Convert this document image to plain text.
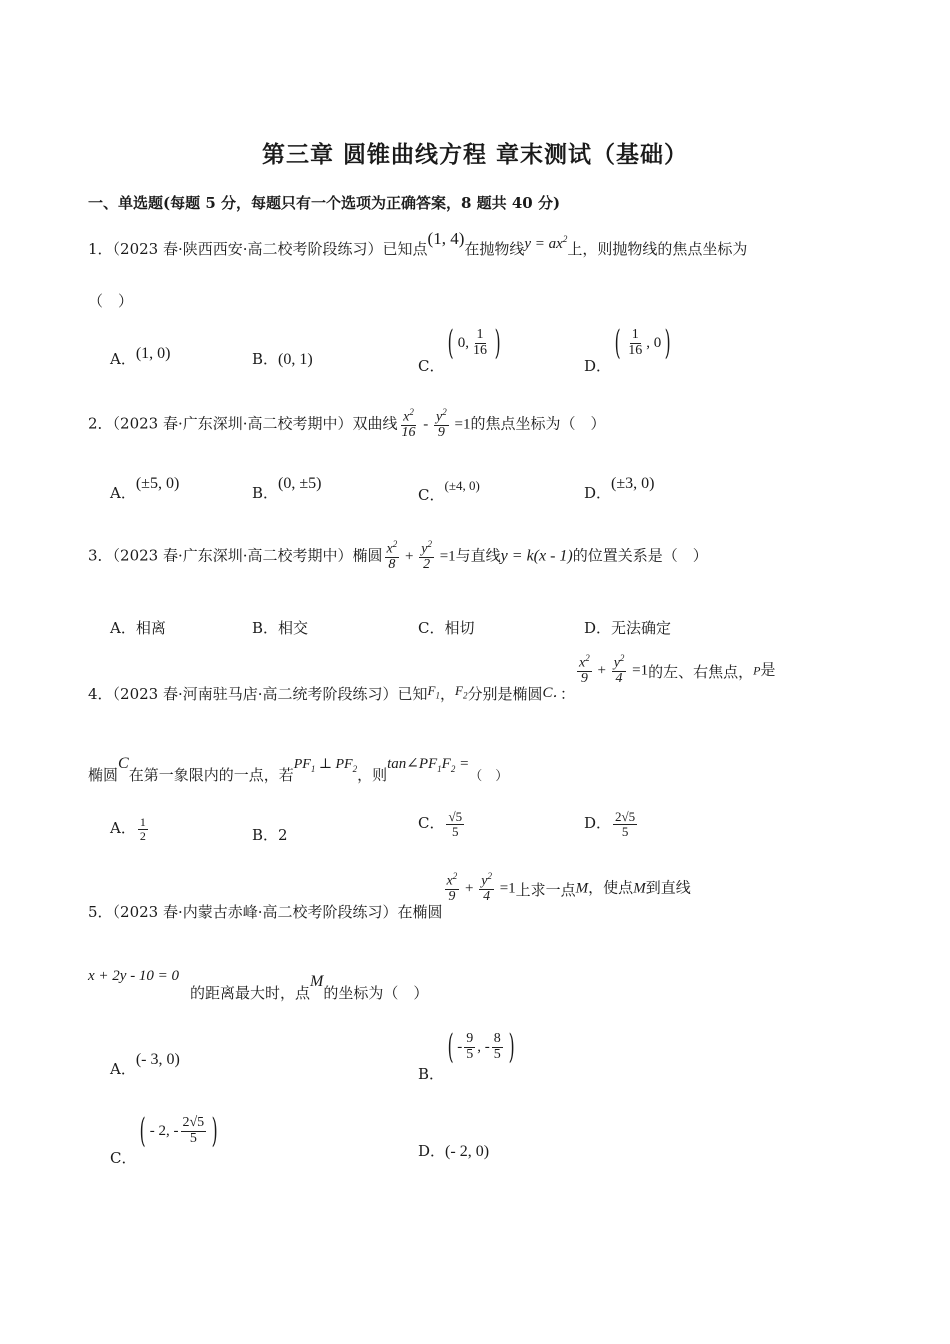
第三章 圆锥曲线方程 章末测试（基础）
一、单选题(每题 5 分，每题只有一个选项为正确答案，8 题共 40 分)
1．（2023 春·陕西西安·高二校考阶段练习）已知点(1, 4)在抛物线$y = ax^2$上，则抛物线的焦点坐标为
（　）
A．(1, 0)	B．(0, 1)	C．
( 0, $\frac{1}{16}$ )
D．
( $\frac{1}{16}$ , 0 )
2．（2023 春·广东深圳·高二校考期中）双曲线 $\frac{x^2}{16} - \frac{y^2}{9} =1$的焦点坐标为（　）
A．(±5, 0)
B．(0, ±5)
C．(±4, 0)	D．(±3, 0)
3．（2023 春·广东深圳·高二校考期中）椭圆 $\frac{x^2}{8} + \frac{y^2}{2} =1$与直线y = k(x - 1)的位置关系是（　）
A．相离	B．相交	C．相切	D．无法确定
4．（2023 春·河南驻马店·高二统考阶段练习）已知$F_1$，$F_2$分别是椭圆C．：
$\frac{x^2}{9} + \frac{y^2}{4} =1$的左、右焦点，P是
椭圆C在第一象限内的一点，若$PF_1$ ⊥ $PF_2$，则$\tan\angle PF_1F_2$ =（　）
A． $\frac{1}{2}$	B．2
C． $\frac{√5}{5}$	D． $\frac{2√5}{5}$
5．（2023 春·内蒙古赤峰·高二校考阶段练习）在椭圆
$\frac{x^2}{9} + \frac{y^2}{4} =1$上求一点M，使点M到直线
x + 2y - 10 = 0
的距离最大时，点M的坐标为（　）
A．(- 3, 0)
B．
( - $\frac{9}{5}$ , - $\frac{8}{5}$ )
C．
( - 2, - $\frac{2√5}{5}$ )	D．(- 2, 0)
